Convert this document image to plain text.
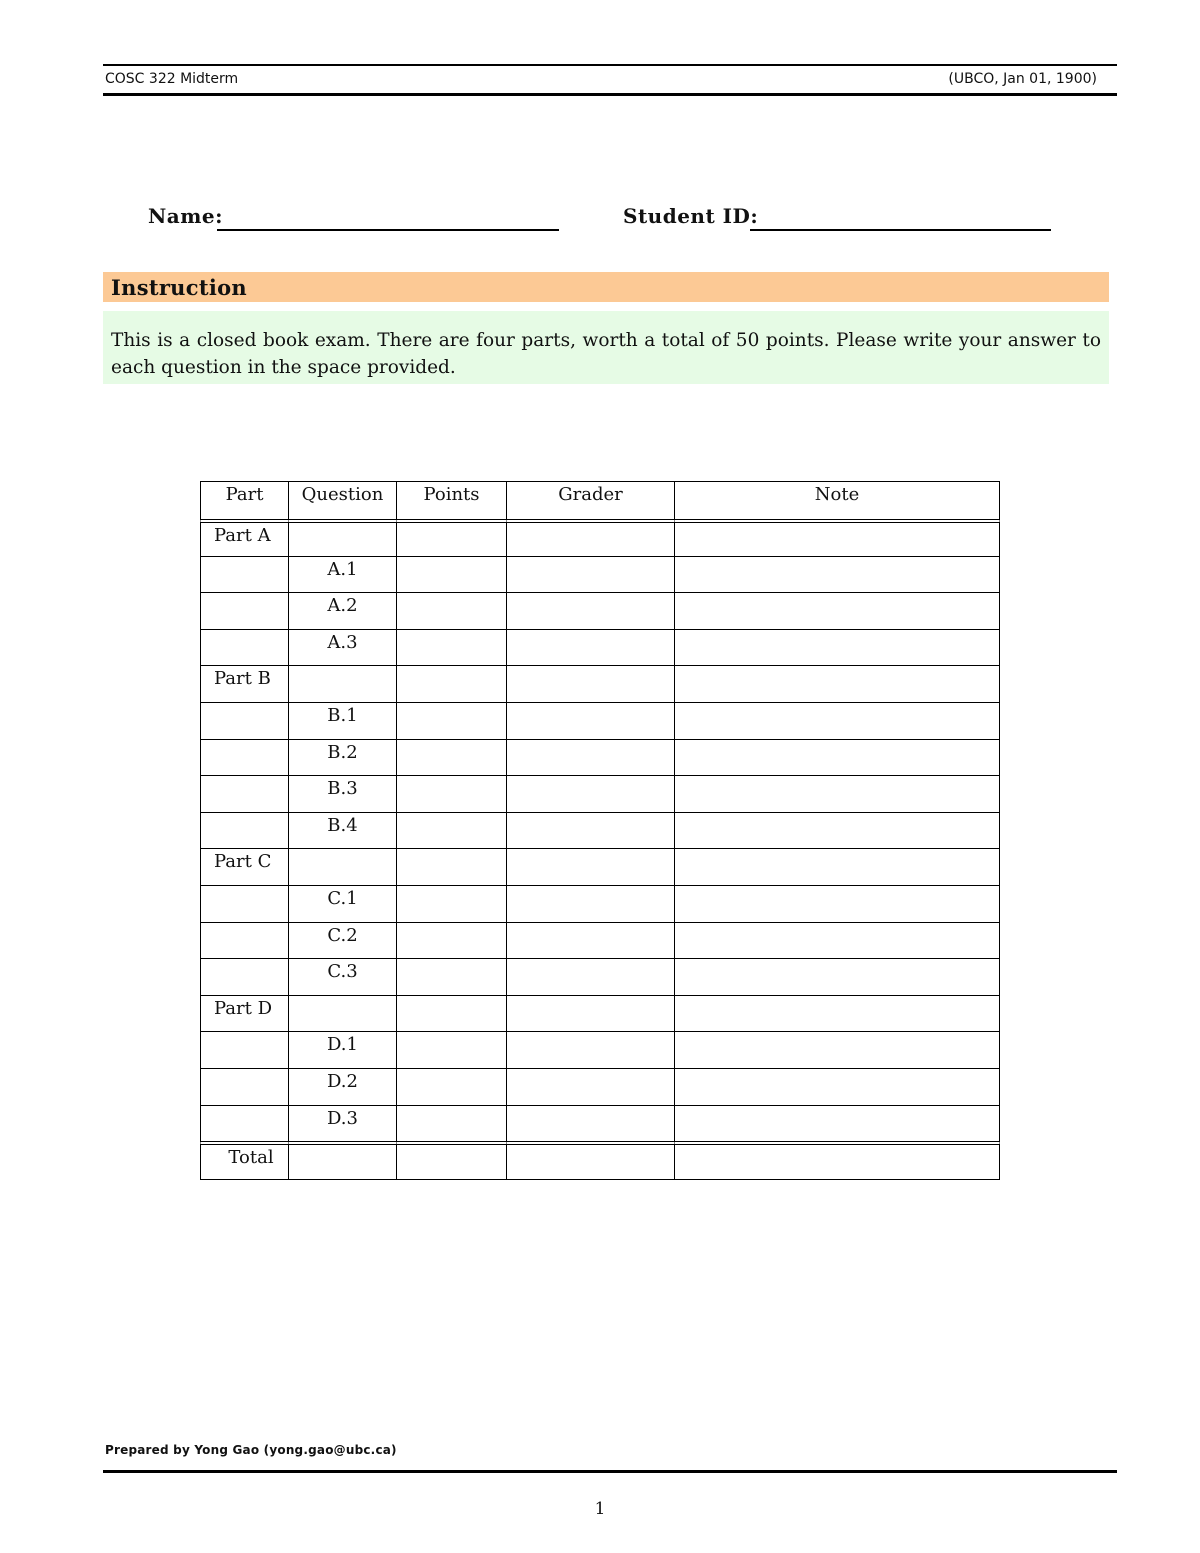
COSC 322 Midterm	(UBCO, Jan 01, 1900)
Name:	Student ID:
Instruction
This is a closed book exam. There are four parts, worth a total of 50 points. Please write your answer to each question in the space provided.
Part	Question	Points	Grader	Note
Part A				
	A.1			
	A.2			
	A.3			
Part B				
	B.1			
	B.2			
	B.3			
	B.4			
Part C				
	C.1			
	C.2			
	C.3			
Part D				
	D.1			
	D.2			
	D.3			
Total				
Prepared by Yong Gao (yong.gao@ubc.ca)
1
